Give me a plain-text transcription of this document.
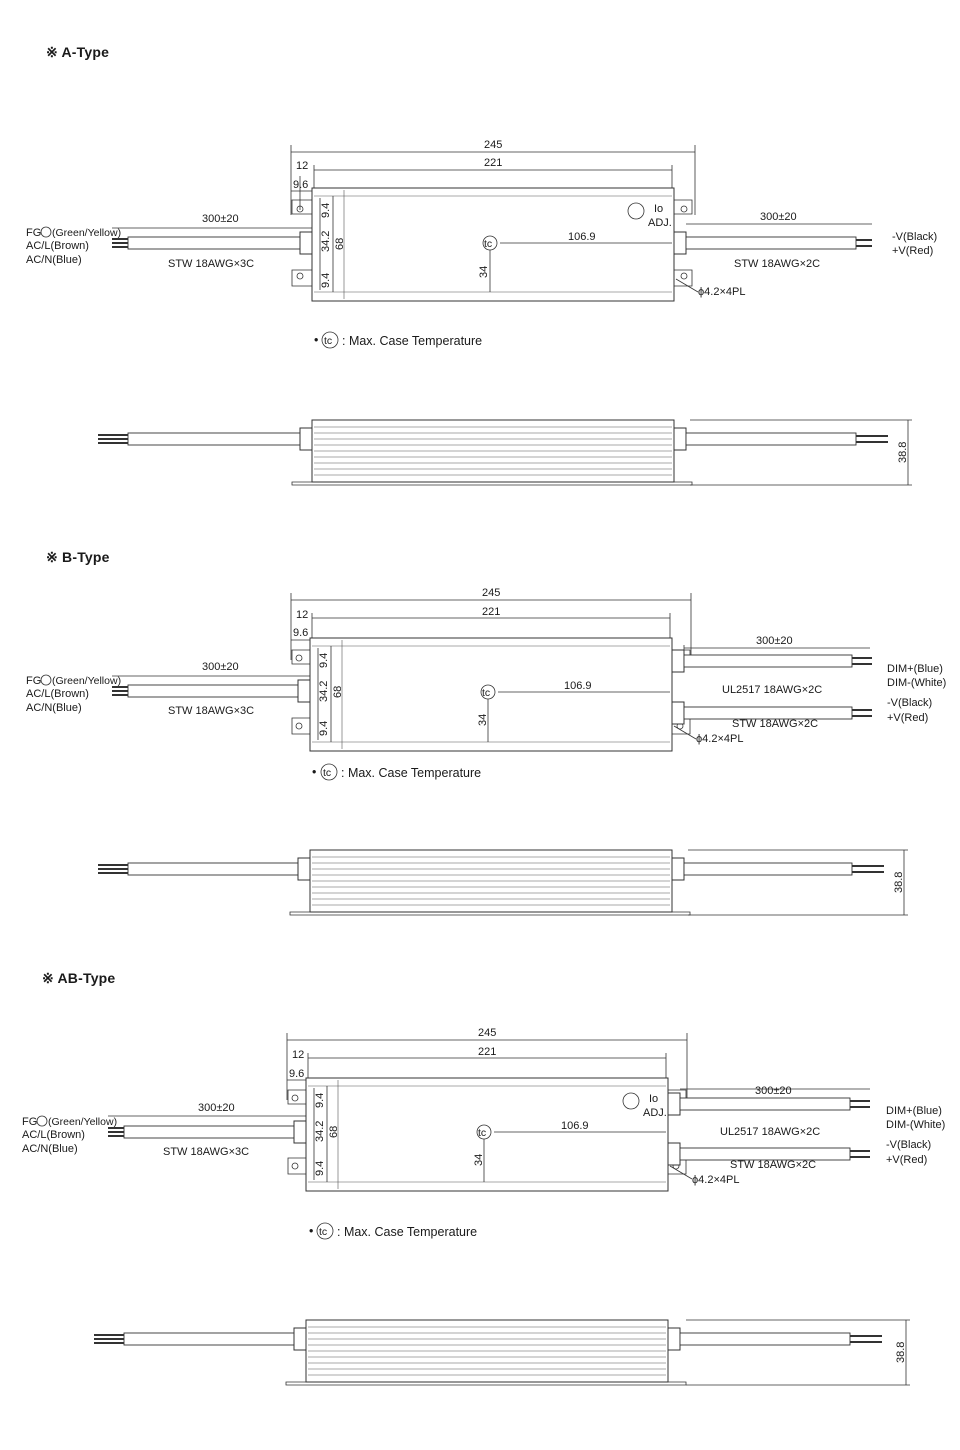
※ A-Type
※ B-Type
※ AB-Type
245
221
12
9.6
9.4
34.2 68
9.4
34
106.9
tc
Io
ADJ.
300±20
FG (Green/Yellow)
AC/L(Brown)
AC/N(Blue)	STW 18AWG×3C
300±20
-V(Black)
+V(Red)
STW 18AWG×2C
ϕ4.2×4PL
• tc : Max. Case Temperature
38.8
245
221
12
9.6
9.4
34.2 68
9.4
34
106.9
tc
300±20
FG (Green/Yellow)
AC/L(Brown)
AC/N(Blue)	STW 18AWG×3C
300±20
DIM+(Blue)
DIM-(White)
UL2517 18AWG×2C
-V(Black)
+V(Red)
STW 18AWG×2C
ϕ4.2×4PL
• tc : Max. Case Temperature
38.8
245
221
12
9.6
9.4
34.2 68
9.4
34
106.9
tc
Io
ADJ.
300±20
FG (Green/Yellow)
AC/L(Brown)
AC/N(Blue)	STW 18AWG×3C
300±20
DIM+(Blue)
DIM-(White)
UL2517 18AWG×2C
-V(Black)
+V(Red)
STW 18AWG×2C
ϕ4.2×4PL
• tc : Max. Case Temperature
38.8
